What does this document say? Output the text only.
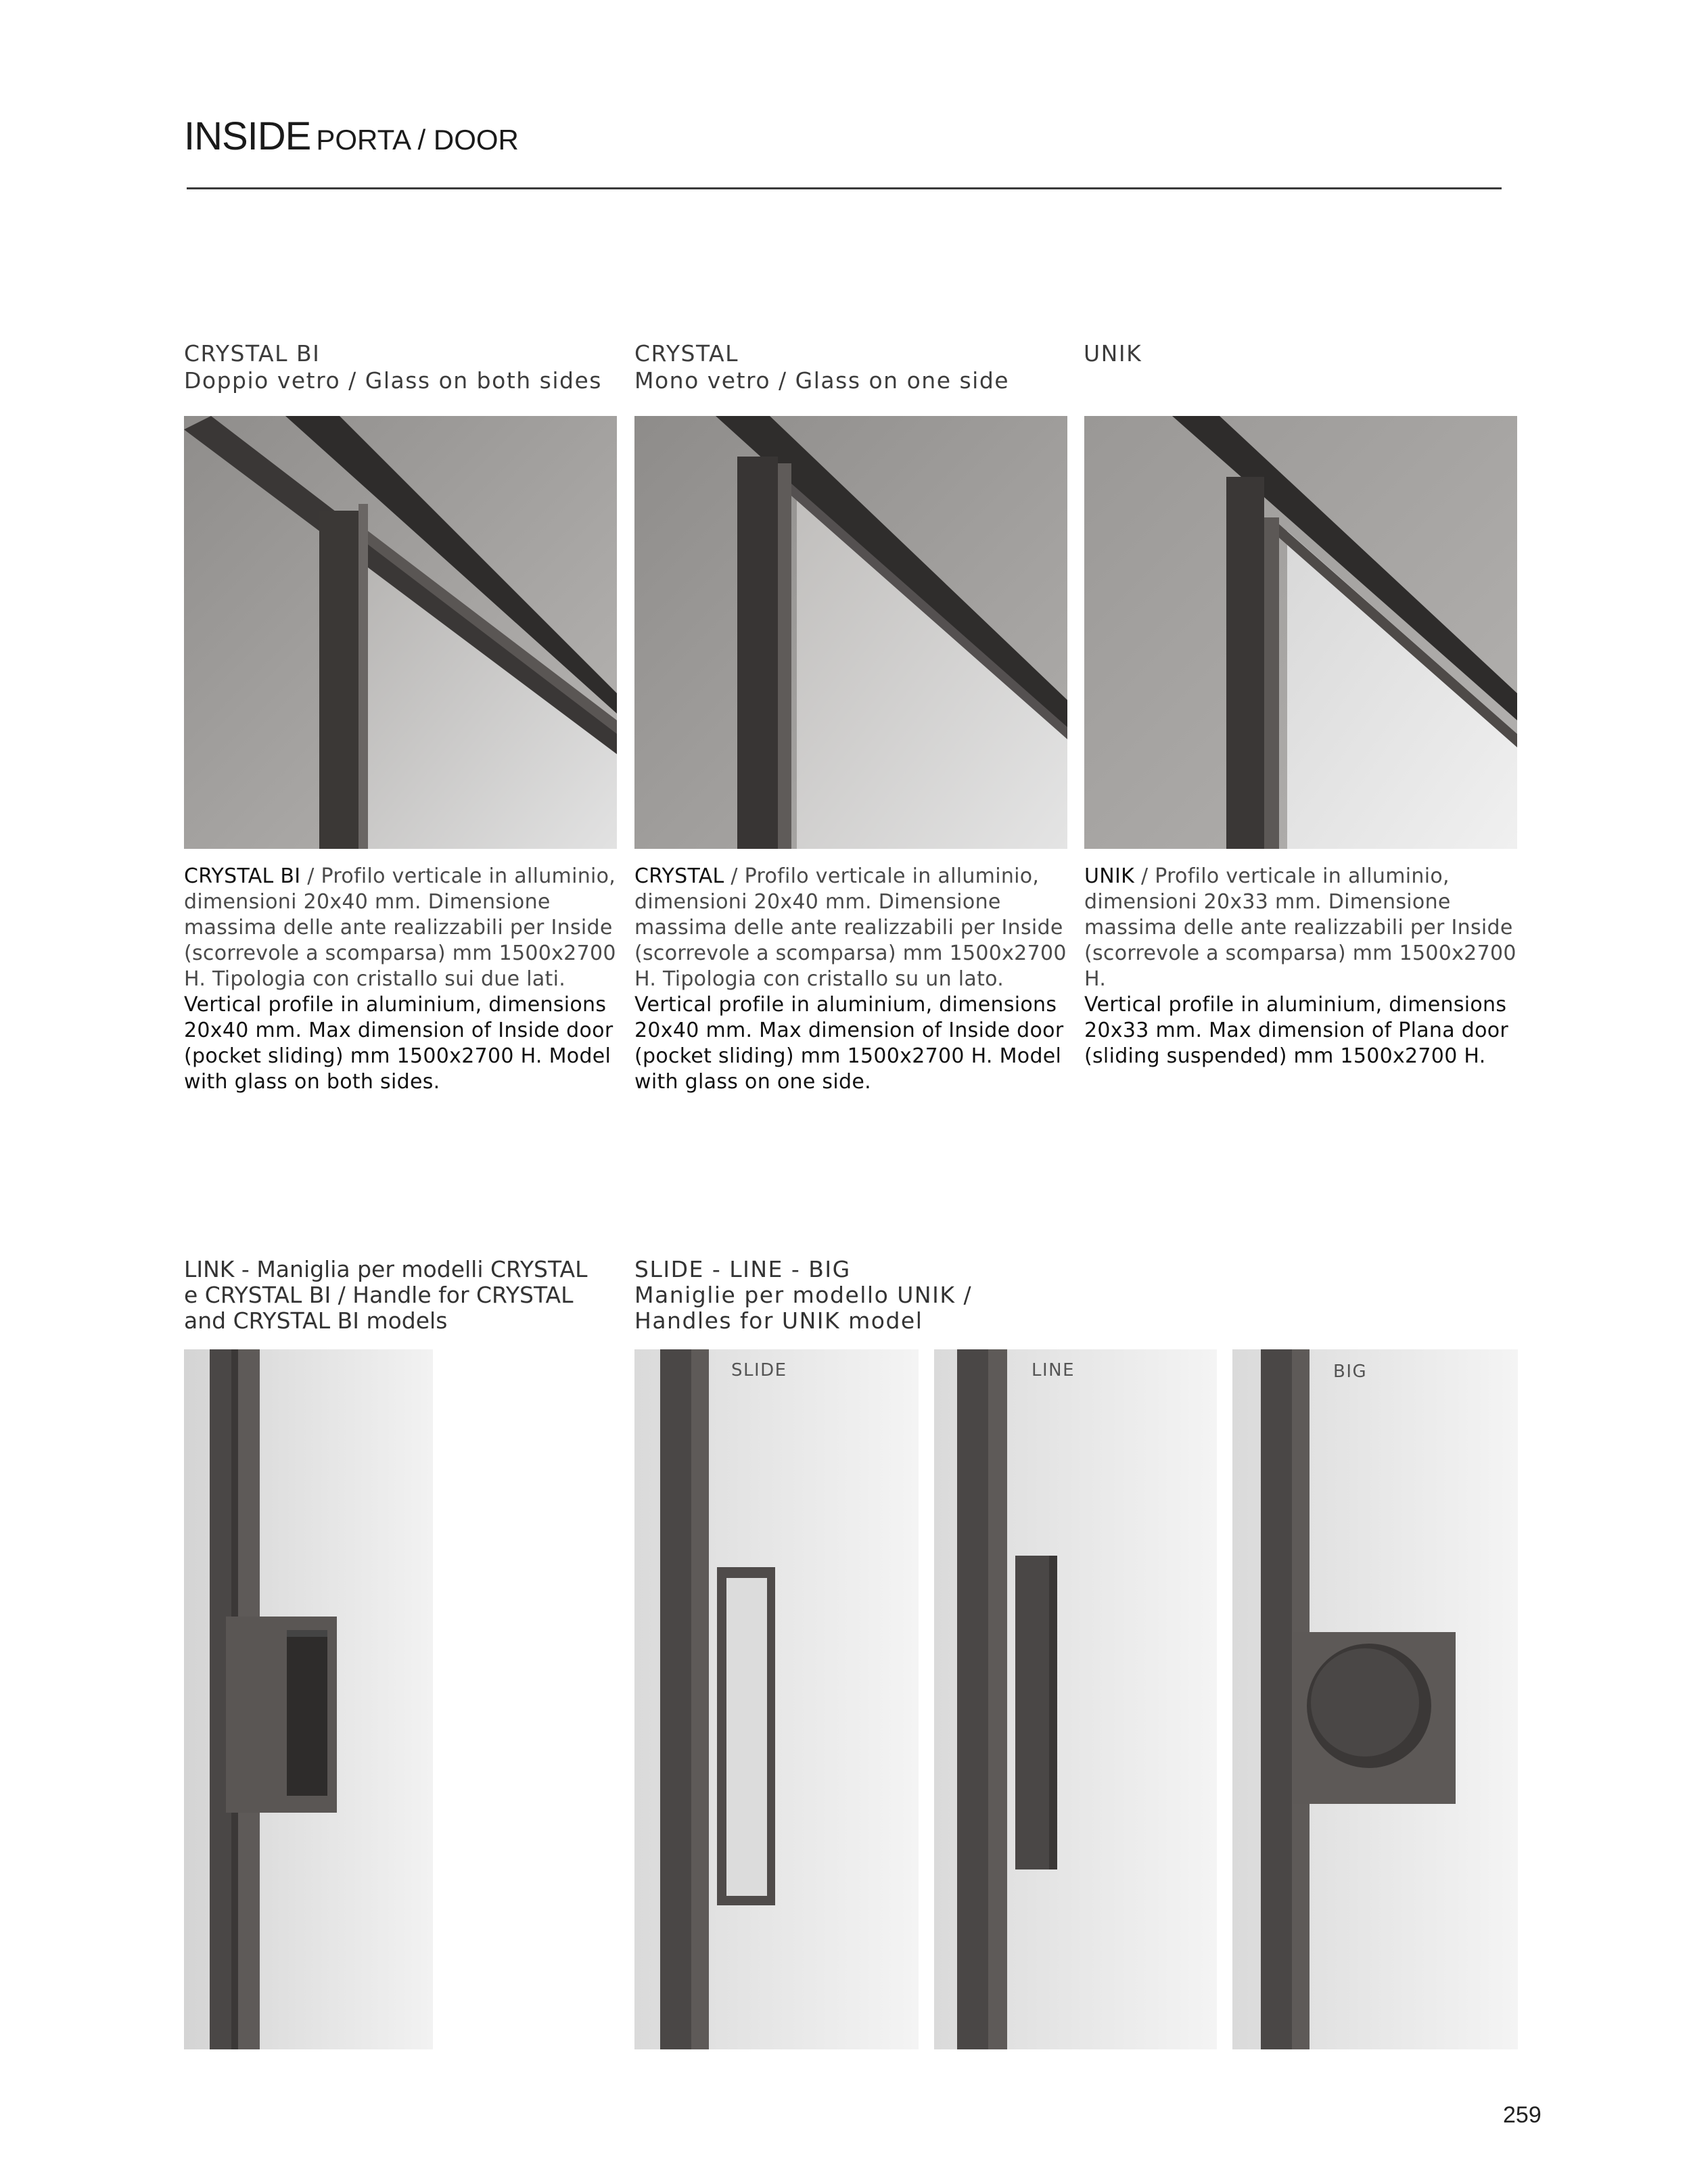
INSIDE PORTA / DOOR
CRYSTAL BI
Doppio vetro / Glass on both sides
CRYSTAL
Mono vetro / Glass on one side
UNIK

CRYSTAL BI / Profilo verticale in alluminio, dimensioni 20x40 mm. Dimensione massima delle ante realizzabili per Inside (scorrevole a scomparsa) mm 1500x2700 H. Tipologia con cristallo sui due lati.

Vertical profile in aluminium, dimensions 20x40 mm. Max dimension of Inside door (pocket sliding) mm 1500x2700 H. Model with glass on both sides.

CRYSTAL / Profilo verticale in alluminio, dimensioni 20x40 mm. Dimensione massima delle ante realizzabili per Inside (scorrevole a scomparsa) mm 1500x2700 H. Tipologia con cristallo su un lato.

Vertical profile in aluminium, dimensions 20x40 mm. Max dimension of Inside door (pocket sliding) mm 1500x2700 H. Model with glass on one side.

UNIK / Profilo verticale in alluminio, dimensioni 20x33 mm. Dimensione massima delle ante realizzabili per Inside (scorrevole a scomparsa) mm 1500x2700 H.

Vertical profile in aluminium, dimensions 20x33 mm. Max dimension of Plana door (sliding suspended) mm 1500x2700 H.

LINK - Maniglia per modelli CRYSTAL
e CRYSTAL BI / Handle for CRYSTAL
and CRYSTAL BI models
SLIDE - LINE - BIG
Maniglie per modello UNIK /
Handles for UNIK model
SLIDE	LINE	BIG
259
